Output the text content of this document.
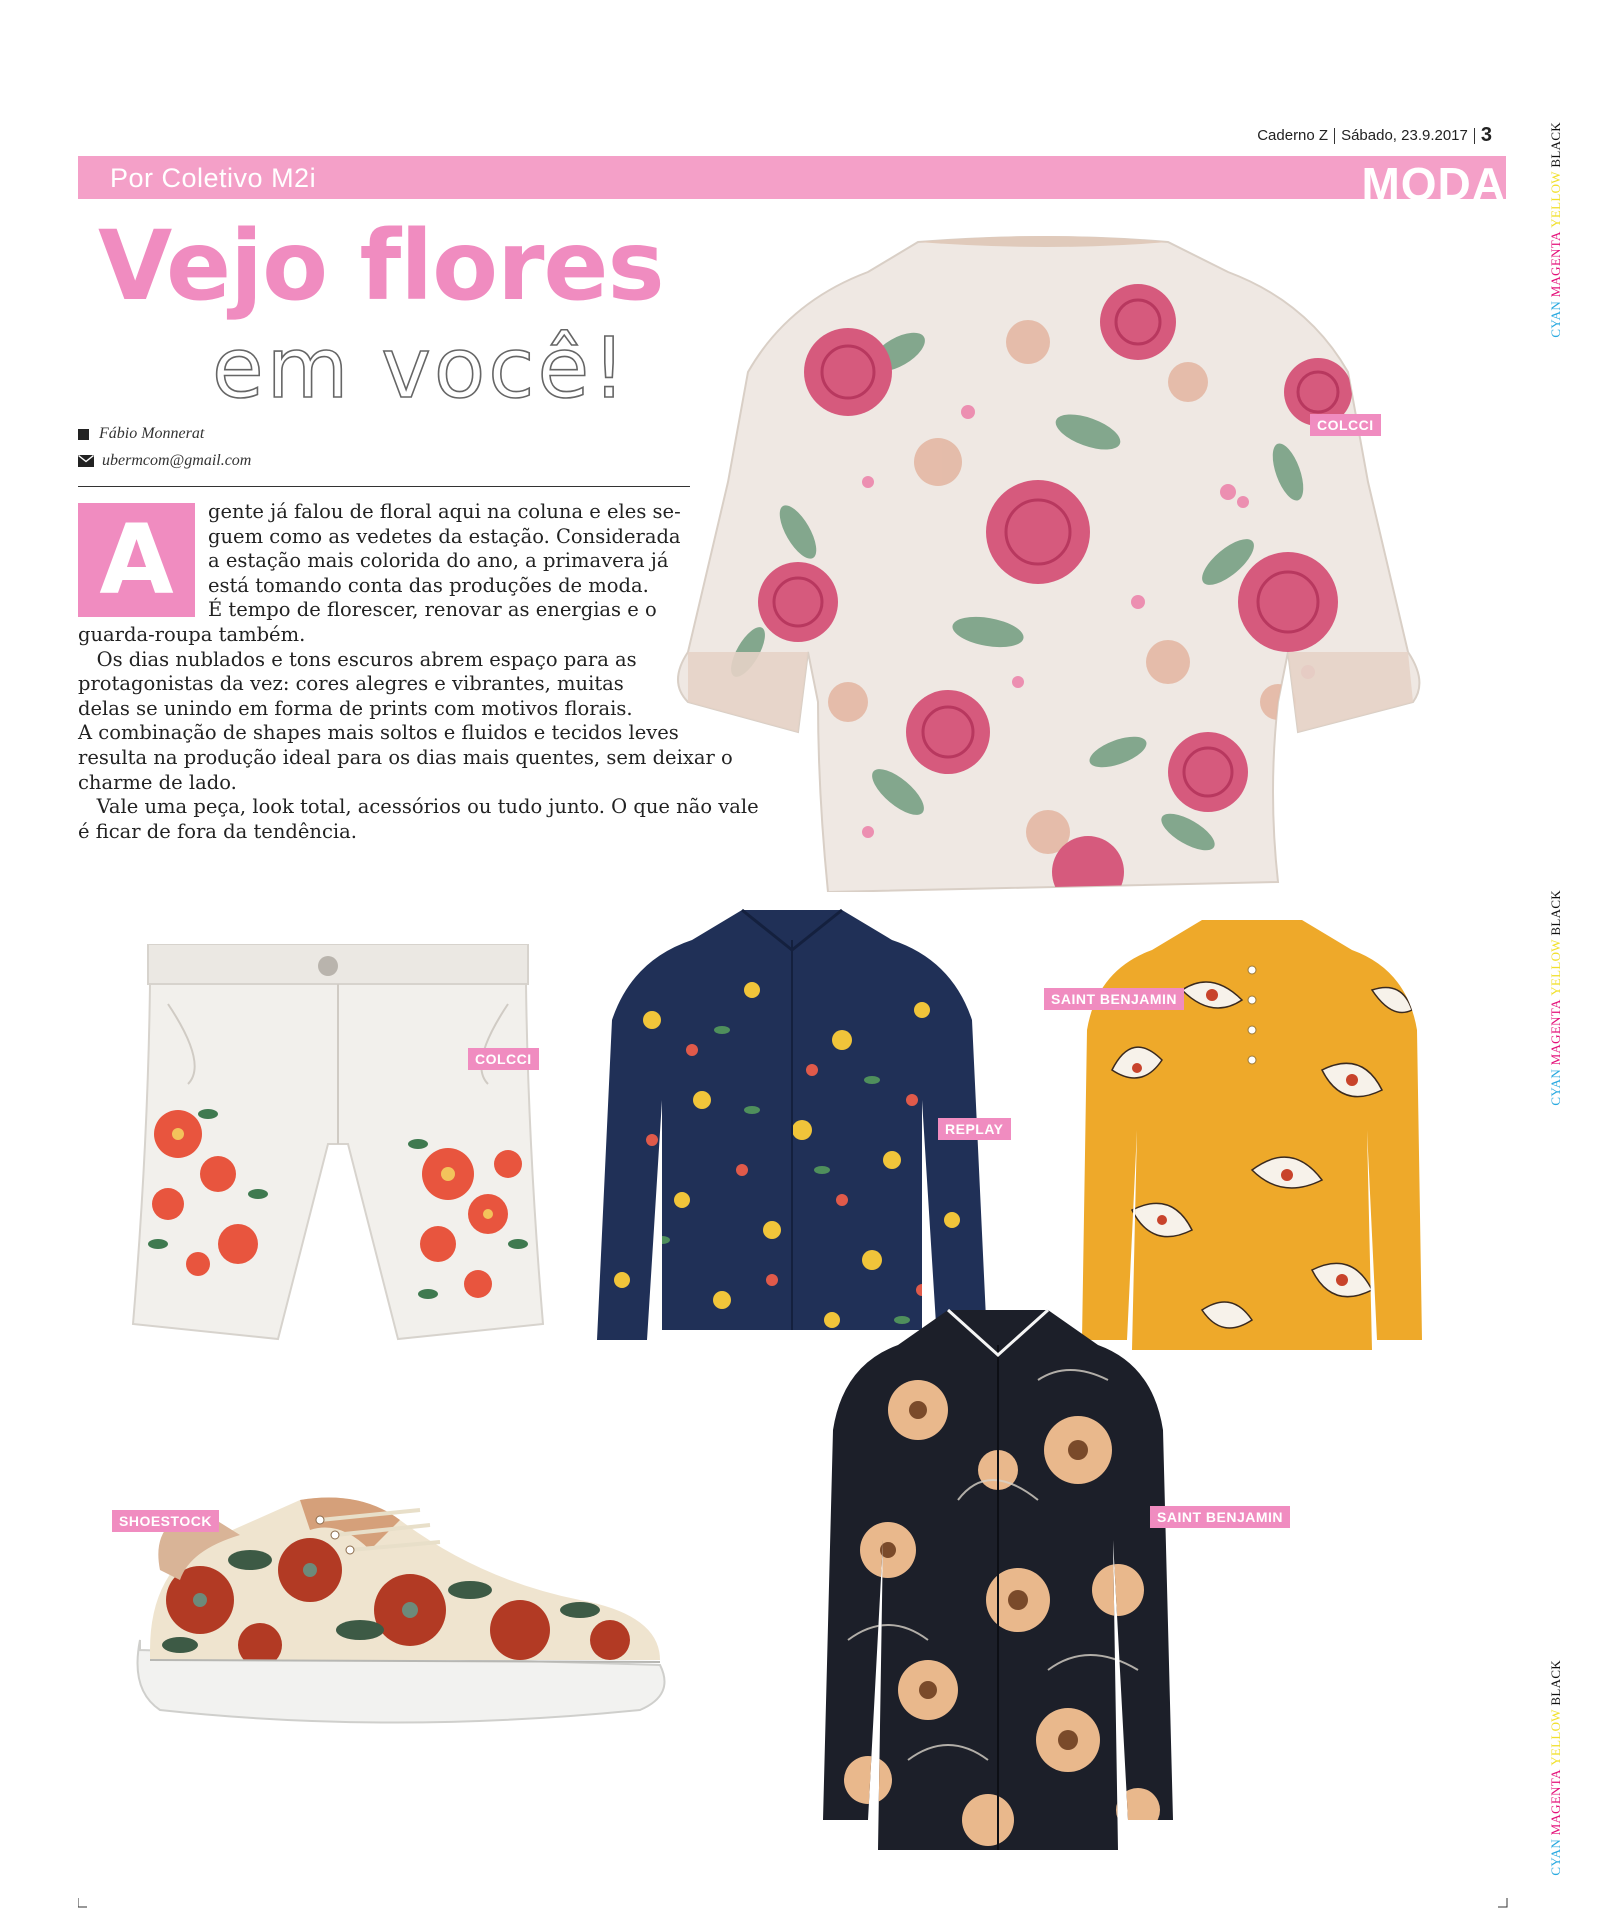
Caderno Z Sábado, 23.9.2017 3
Por Coletivo M2i	MODA
Vejo flores
em você!
Fábio Monnerat
ubermcom@gmail.com
A	gente já falou de floral aqui na coluna e eles se-
guem como as vedetes da estação. Considerada
a estação mais colorida do ano, a primavera já
está tomando conta das produções de moda.
É tempo de florescer, renovar as energias e o
guarda-roupa também.
Os dias nublados e tons escuros abrem espaço para as
protagonistas da vez: cores alegres e vibrantes, muitas
delas se unindo em forma de prints com motivos florais.
A combinação de shapes mais soltos e fluidos e tecidos leves
resulta na produção ideal para os dias mais quentes, sem deixar o
charme de lado.
Vale uma peça, look total, acessórios ou tudo junto. O que não vale
é ficar de fora da tendência.
COLCCI
COLCCI
REPLAY
SAINT BENJAMIN
SAINT BENJAMIN
SHOESTOCK
CYAN MAGENTA YELLOW BLACK
CYAN MAGENTA YELLOW BLACK
CYAN MAGENTA YELLOW BLACK
